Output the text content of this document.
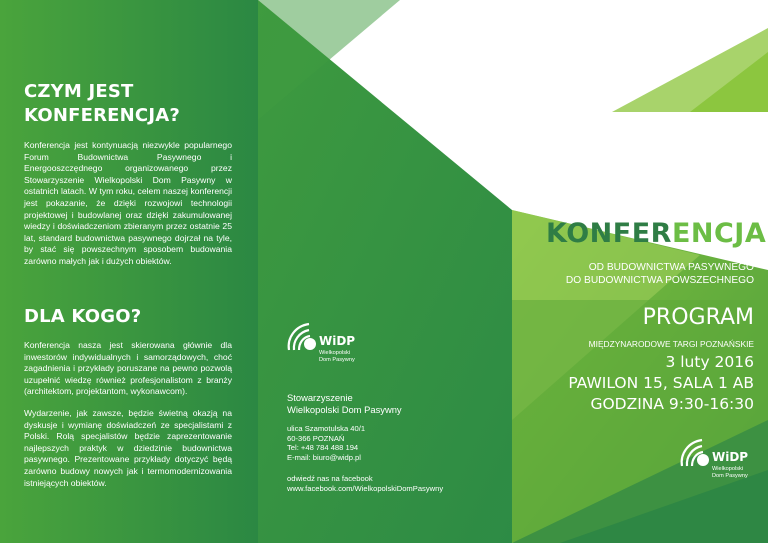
CZYM JEST
KONFERENCJA?
Konferencja jest kontynuacją niezwykle popularnego Forum Budownictwa Pasywnego i Energooszczędnego organizowanego przez Stowarzyszenie Wielkopolski Dom Pasywny w ostatnich latach. W tym roku, celem naszej konferencji jest pokazanie, że dzięki rozwojowi technologii projektowej i budowlanej oraz dzięki zakumulowanej wiedzy i doświadczeniom zbieranym przez ostatnie 25 lat, standard budownictwa pasywnego dojrzał na tyle, by stać się powszechnym sposobem budowania zarówno małych jak i dużych obiektów.
DLA KOGO?
Konferencja nasza jest skierowana głównie dla inwestorów indywidualnych i samorządowych, choć zagadnienia i przykłady poruszane na pewno pozwolą uzupełnić wiedzę również profesjonalistom z branży (architektom, projektantom, wykonawcom).
Wydarzenie, jak zawsze, będzie świetną okazją na dyskusje i wymianę doświadczeń ze specjalistami z Polski. Rolą specjalistów będzie zaprezentowanie najlepszych praktyk w dziedzinie budownictwa pasywnego. Prezentowane przykłady dotyczyć będą zarówno budowy nowych jak i termomodernizowania istniejących obiektów.
WiDP
Wielkopolski
Dom Pasywny
Stowarzyszenie
Wielkopolski Dom Pasywny
ulica Szamotulska 40/1
60-366 POZNAŃ
Tel: +48 784 488 194
E-mail: biuro@widp.pl
odwiedź nas na facebook
www.facebook.com/WielkopolskiDomPasywny
KONFERENCJA
OD BUDOWNICTWA PASYWNEGO
DO BUDOWNICTWA POWSZECHNEGO
PROGRAM
MIĘDZYNARODOWE TARGI POZNAŃSKIE
3 luty 2016
PAWILON 15, SALA 1 AB
GODZINA 9:30-16:30
WiDP
Wielkopolski
Dom Pasywny
